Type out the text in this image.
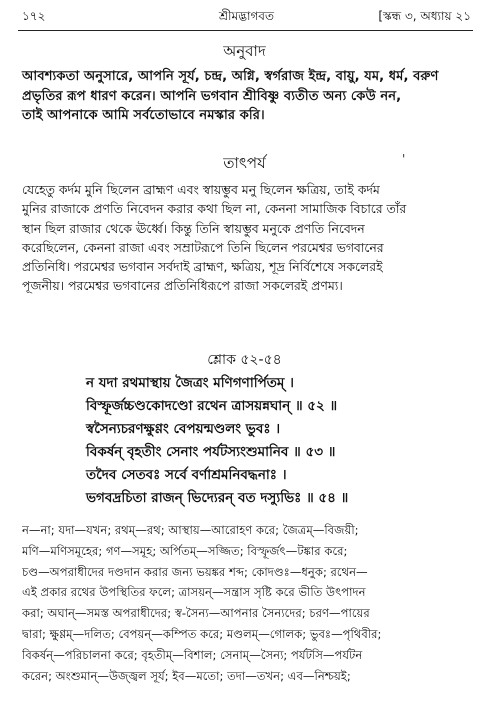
১৭২	শ্রীমদ্ভাগবত	[স্কন্ধ ৩, অধ্যায় ২১
অনুবাদ
আবশ্যকতা অনুসারে, আপনি সূর্য, চন্দ্র, অগ্নি, স্বর্গরাজ ইন্দ্র, বায়ু, যম, ধর্ম, বরুণ
প্রভৃতির রূপ ধারণ করেন। আপনি ভগবান শ্রীবিষ্ণু ব্যতীত অন্য কেউ নন,
তাই আপনাকে আমি সর্বতোভাবে নমস্কার করি।
তাৎপর্য	'
যেহেতু কর্দম মুনি ছিলেন ব্রাহ্মণ এবং স্বায়ম্ভুব মনু ছিলেন ক্ষত্রিয়, তাই কর্দম
মুনির রাজাকে প্রণতি নিবেদন করার কথা ছিল না, কেননা সামাজিক বিচারে তাঁর
স্থান ছিল রাজার থেকে ঊর্ধ্বে। কিন্তু তিনি স্বায়ম্ভুব মনুকে প্রণতি নিবেদন
করেছিলেন, কেননা রাজা এবং সম্রাটরূপে তিনি ছিলেন পরমেশ্বর ভগবানের
প্রতিনিধি। পরমেশ্বর ভগবান সর্বদাই ব্রাহ্মণ, ক্ষত্রিয়, শূদ্র নির্বিশেষে সকলেরই
পূজনীয়। পরমেশ্বর ভগবানের প্রতিনিধিরূপে রাজা সকলেরই প্রণম্য।
শ্লোক ৫২-৫৪
ন যদা রথমাস্থায় জৈত্রং মণিগণার্পিতম্ ।
বিস্ফূর্জচ্চণ্ডকোদণ্ডো রথেন ত্রাসয়ন্নঘান্ ॥ ৫২ ॥
স্বসৈন্যচরণক্ষুণ্ণং বেপয়ন্মণ্ডলং ভুবঃ ।
বিকর্ষন্ বৃহতীং সেনাং পর্যটস্যংশুমানিব ॥ ৫৩ ॥
তদৈব সেতবঃ সর্বে বর্ণাশ্রমনিবদ্ধনাঃ ।
ভগবদ্রচিতা রাজন্ ভিদ্যেরন্ বত দস্যুভিঃ ॥ ৫৪ ॥
ন—না; যদা—যখন; রথম্—রথ; আস্থায়—আরোহণ করে; জৈত্রম্—বিজয়ী;
মণি—মণিসমূহের; গণ—সমূহ; অর্পিতম্—সজ্জিত; বিস্ফূর্জৎ—টঙ্কার করে;
চণ্ড—অপরাধীদের দণ্ডদান করার জন্য ভয়ঙ্কর শব্দ; কোদণ্ডঃ—ধনুক; রথেন—
এই প্রকার রথের উপস্থিতির ফলে; ত্রাসয়ন্—সন্ত্রাস সৃষ্টি করে ভীতি উৎপাদন
করা; অঘান্—সমস্ত অপরাধীদের; স্ব-সৈন্য—আপনার সৈন্যদের; চরণ—পায়ের
দ্বারা; ক্ষুণ্ণম্—দলিত; বেপয়ন্—কম্পিত করে; মণ্ডলম্—গোলক; ভুবঃ—পৃথিবীর;
বিকর্ষন্—পরিচালনা করে; বৃহতীম্—বিশাল; সেনাম্—সৈন্য; পর্যটসি—পর্যটন
করেন; অংশুমান্—উজ্জ্বল সূর্য; ইব—মতো; তদা—তখন; এব—নিশ্চয়ই;
